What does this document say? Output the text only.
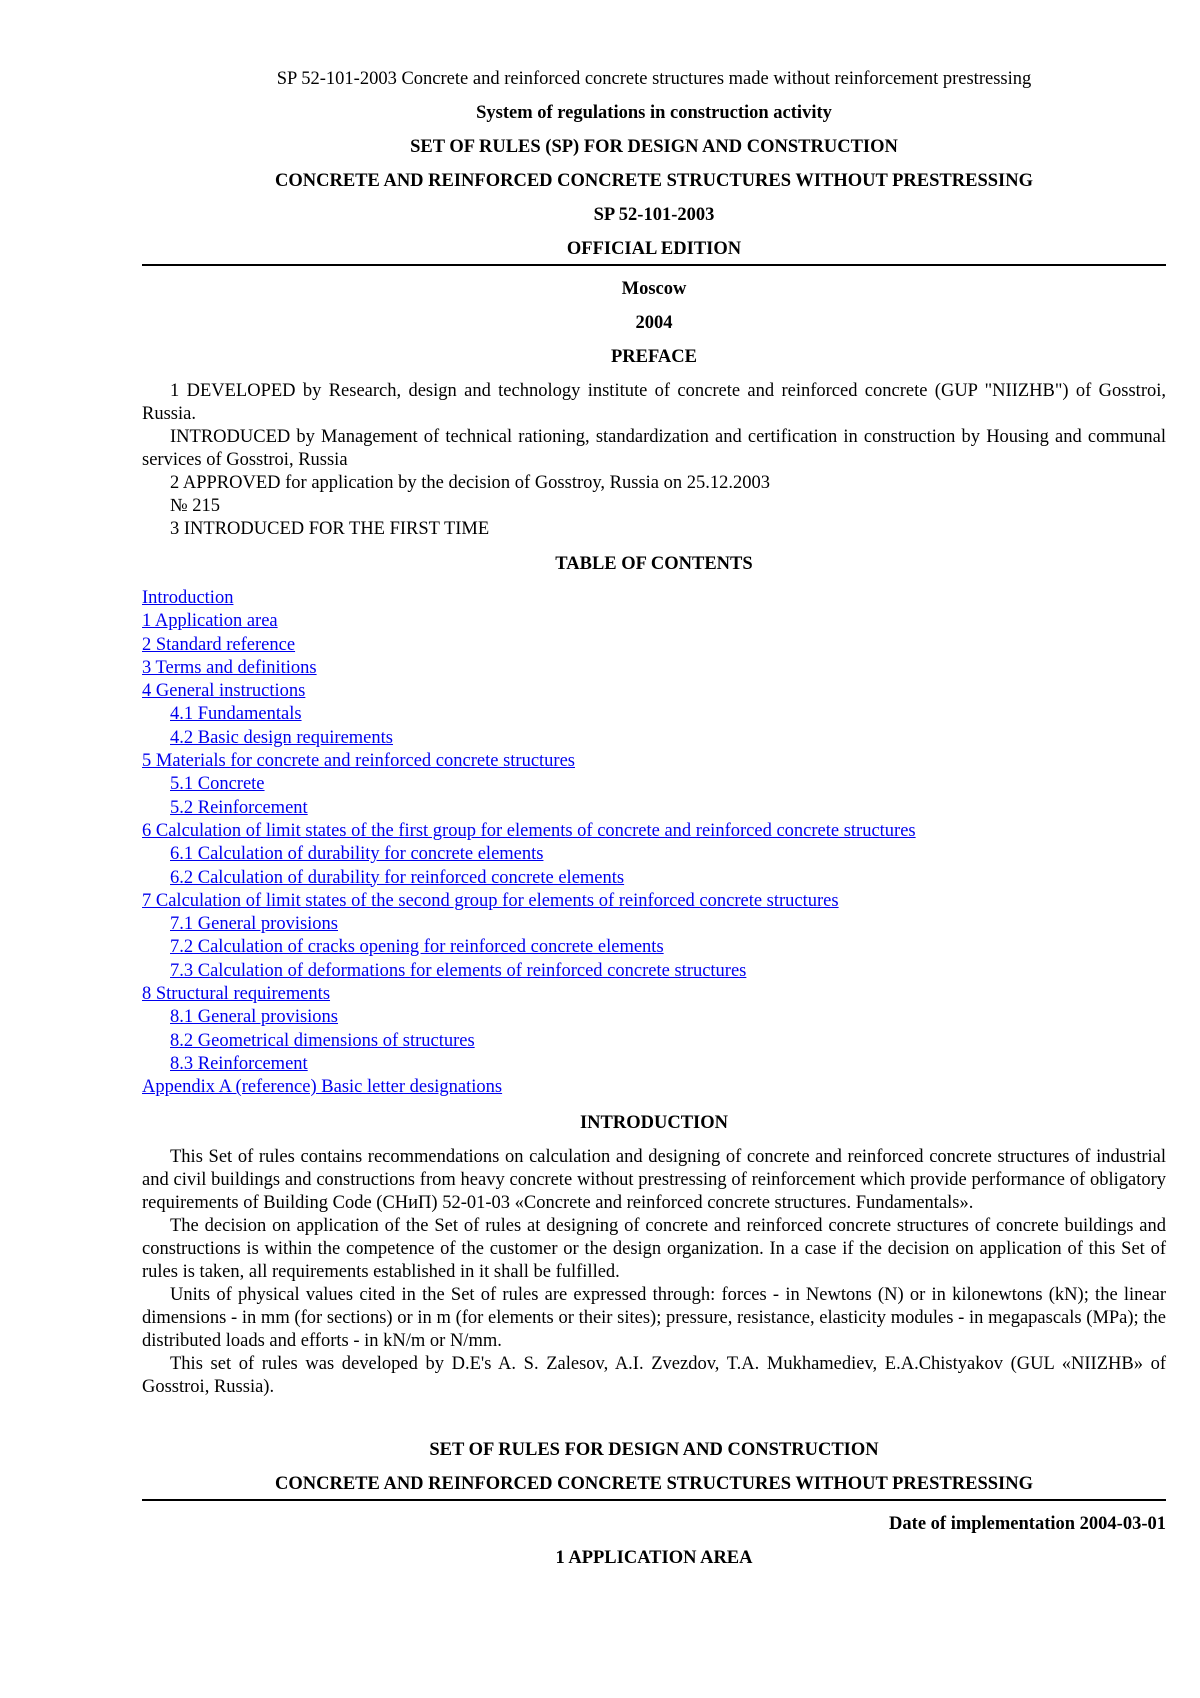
SP 52-101-2003 Concrete and reinforced concrete structures made without reinforcement prestressing
System of regulations in construction activity
SET OF RULES (SP) FOR DESIGN AND CONSTRUCTION
CONCRETE AND REINFORCED CONCRETE STRUCTURES WITHOUT PRESTRESSING
SP 52-101-2003
OFFICIAL EDITION
Moscow
2004
PREFACE

1 DEVELOPED by Research, design and technology institute of concrete and reinforced concrete (GUP "NIIZHB") of Gosstroi, Russia.

INTRODUCED by Management of technical rationing, standardization and certification in construction by Housing and communal services of Gosstroi, Russia

2 APPROVED for application by the decision of Gosstroy, Russia on 25.12.2003

№ 215

3 INTRODUCED FOR THE FIRST TIME

TABLE OF CONTENTS
Introduction
1 Application area
2 Standard reference
3 Terms and definitions
4 General instructions
4.1 Fundamentals
4.2 Basic design requirements
5 Materials for concrete and reinforced concrete structures
5.1 Concrete
5.2 Reinforcement
6 Calculation of limit states of the first group for elements of concrete and reinforced concrete structures
6.1 Calculation of durability for concrete elements
6.2 Calculation of durability for reinforced concrete elements
7 Calculation of limit states of the second group for elements of reinforced concrete structures
7.1 General provisions
7.2 Calculation of cracks opening for reinforced concrete elements
7.3 Calculation of deformations for elements of reinforced concrete structures
8 Structural requirements
8.1 General provisions
8.2 Geometrical dimensions of structures
8.3 Reinforcement
Appendix A (reference) Basic letter designations
INTRODUCTION

This Set of rules contains recommendations on calculation and designing of concrete and reinforced concrete structures of industrial and civil buildings and constructions from heavy concrete without prestressing of reinforcement which provide performance of obligatory requirements of Building Code (СНиП) 52-01-03 «Concrete and reinforced concrete structures. Fundamentals».

The decision on application of the Set of rules at designing of concrete and reinforced concrete structures of concrete buildings and constructions is within the competence of the customer or the design organization. In a case if the decision on application of this Set of rules is taken, all requirements established in it shall be fulfilled.

Units of physical values cited in the Set of rules are expressed through: forces - in Newtons (N) or in kilonewtons (kN); the linear dimensions - in mm (for sections) or in m (for elements or their sites); pressure, resistance, elasticity modules - in megapascals (MPa); the distributed loads and efforts - in kN/m or N/mm.

This set of rules was developed by D.E's A. S. Zalesov, A.I. Zvezdov, T.A. Mukhamediev, E.A.Chistyakov (GUL «NIIZHB» of Gosstroi, Russia).

SET OF RULES FOR DESIGN AND CONSTRUCTION
CONCRETE AND REINFORCED CONCRETE STRUCTURES WITHOUT PRESTRESSING
Date of implementation 2004-03-01
1 APPLICATION AREA
